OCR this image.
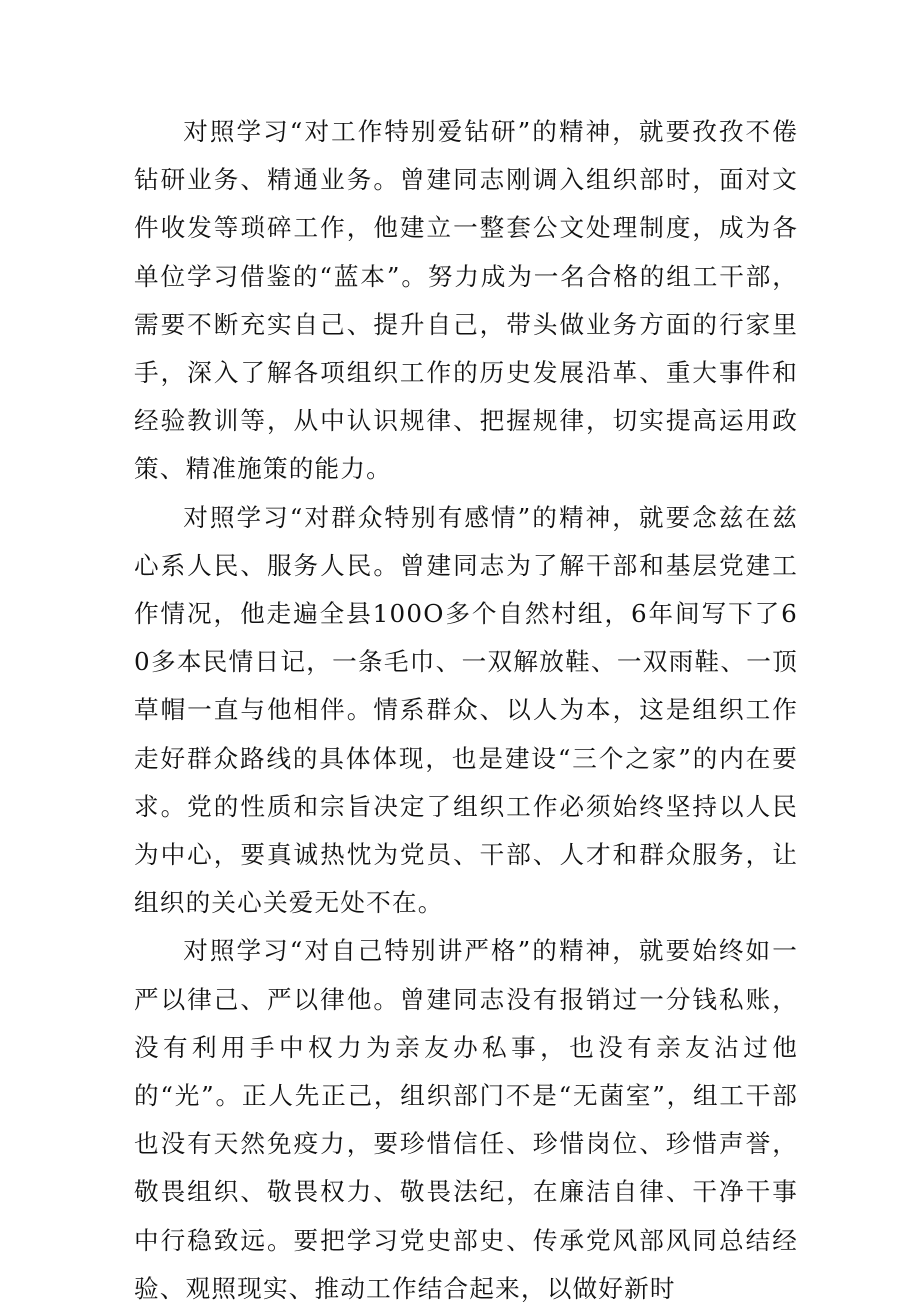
对照学习“对工作特别爱钻研”的精神，就要孜孜不倦钻研业务、精通业务。曾建同志刚调入组织部时，面对文件收发等琐碎工作，他建立一整套公文处理制度，成为各单位学习借鉴的“蓝本”。努力成为一名合格的组工干部，需要不断充实自己、提升自己，带头做业务方面的行家里手，深入了解各项组织工作的历史发展沿革、重大事件和经验教训等，从中认识规律、把握规律，切实提高运用政策、精准施策的能力。

对照学习“对群众特别有感情”的精神，就要念兹在兹心系人民、服务人民。曾建同志为了解干部和基层党建工作情况，他走遍全县100O多个自然村组，6年间写下了60多本民情日记，一条毛巾、一双解放鞋、一双雨鞋、一顶草帽一直与他相伴。情系群众、以人为本，这是组织工作走好群众路线的具体体现，也是建设“三个之家”的内在要求。党的性质和宗旨决定了组织工作必须始终坚持以人民为中心，要真诚热忱为党员、干部、人才和群众服务，让组织的关心关爱无处不在。

对照学习“对自己特别讲严格”的精神，就要始终如一严以律己、严以律他。曾建同志没有报销过一分钱私账，没有利用手中权力为亲友办私事，也没有亲友沾过他的“光”。正人先正己，组织部门不是“无菌室”，组工干部也没有天然免疫力，要珍惜信任、珍惜岗位、珍惜声誉，敬畏组织、敬畏权力、敬畏法纪，在廉洁自律、干净干事中行稳致远。要把学习党史部史、传承党风部风同总结经验、观照现实、推动工作结合起来，以做好新时
